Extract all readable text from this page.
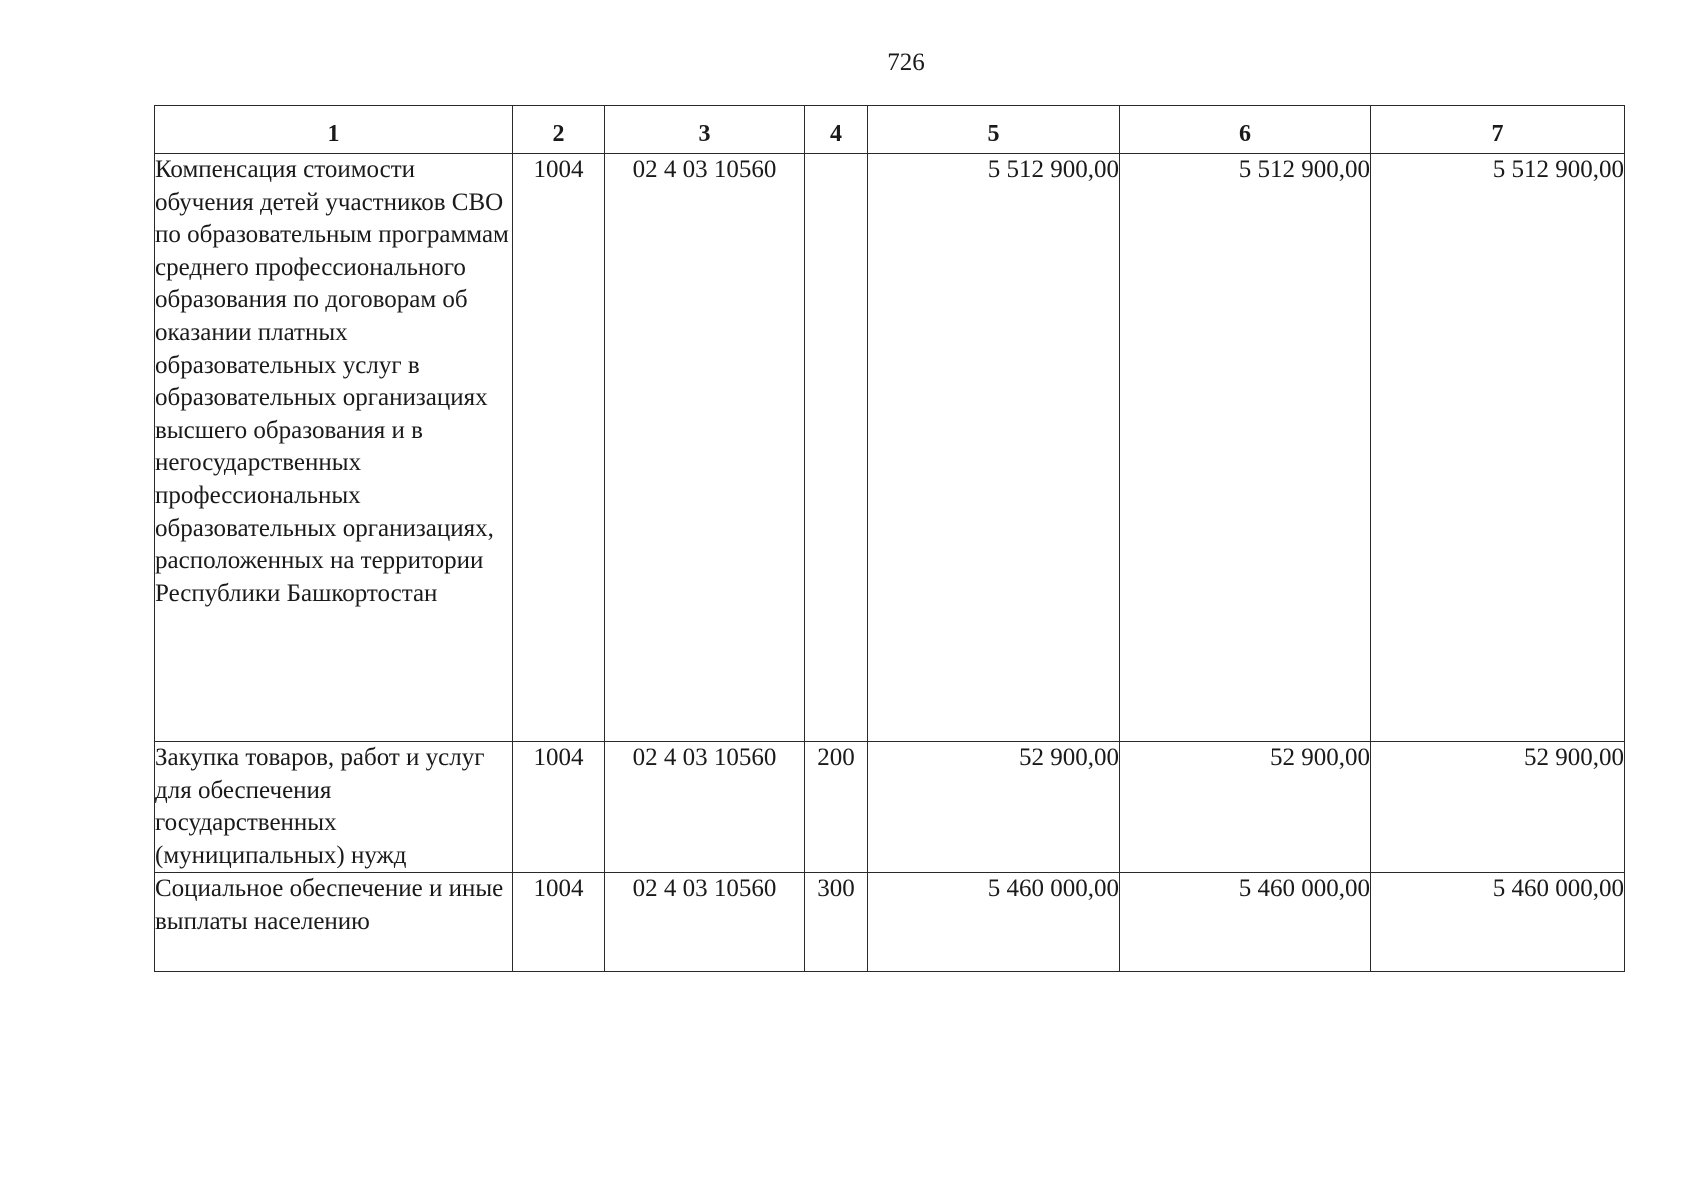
726
1	2	3	4	5	6	7
Компенсация стоимости обучения детей участников СВО по образовательным программам среднего профессионального образования по договорам об оказании платных образовательных услуг в образовательных организациях высшего образования и в негосударственных профессиональных образовательных организациях, расположенных на территории Республики Башкортостан	1004	02 4 03 10560		5 512 900,00	5 512 900,00	5 512 900,00
Закупка товаров, работ и услуг для обеспечения государственных (муниципальных) нужд	1004	02 4 03 10560	200	52 900,00	52 900,00	52 900,00
Социальное обеспечение и иные выплаты населению	1004	02 4 03 10560	300	5 460 000,00	5 460 000,00	5 460 000,00
